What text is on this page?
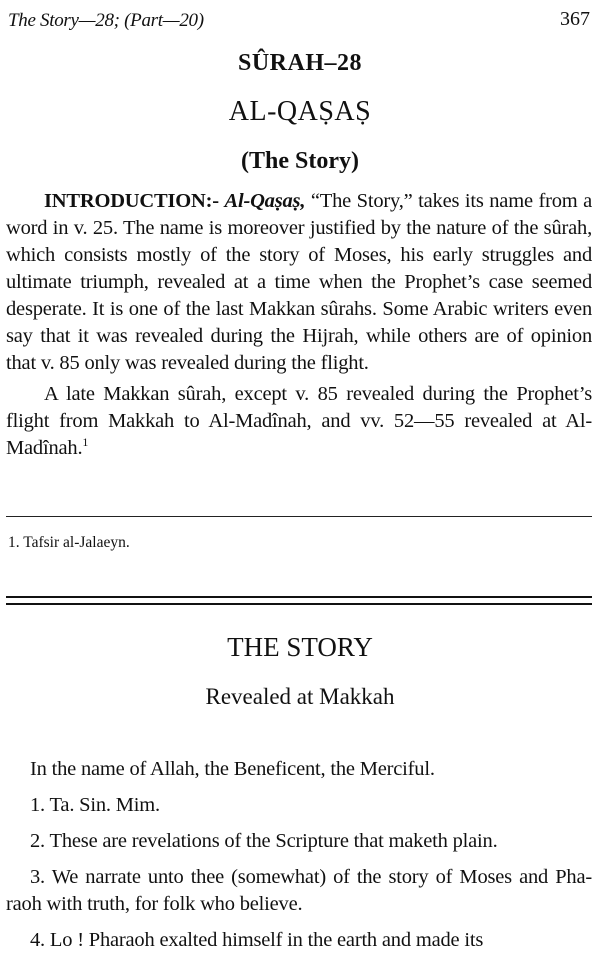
The Story—28; (Part—20)	367
SÛRAH–28
AL-QAṢAṢ
(The Story)

INTRODUCTION:- Al-Qaṣaṣ, “The Story,” takes its name from a word in v. 25. The name is moreover justified by the nature of the sûrah, which consists mostly of the story of Moses, his early struggles and ultimate triumph, revealed at a time when the Prophet’s case seemed desperate. It is one of the last Makkan sûrahs. Some Arabic writers even say that it was revealed during the Hijrah, while others are of opinion that v. 85 only was revealed during the flight.

A late Makkan sûrah, except v. 85 revealed during the Prophet’s flight from Makkah to Al-Madînah, and vv. 52—55 revealed at Al-Madînah.$^1$

1. Tafsir al-Jalaeyn.
THE STORY
Revealed at Makkah

In the name of Allah, the Beneficent, the Merciful.

1. Ta. Sin. Mim.

2. These are revelations of the Scripture that maketh plain.

3. We narrate unto thee (somewhat) of the story of Moses and Pha-raoh with truth, for folk who believe.

4. Lo ! Pharaoh exalted himself in the earth and made its
